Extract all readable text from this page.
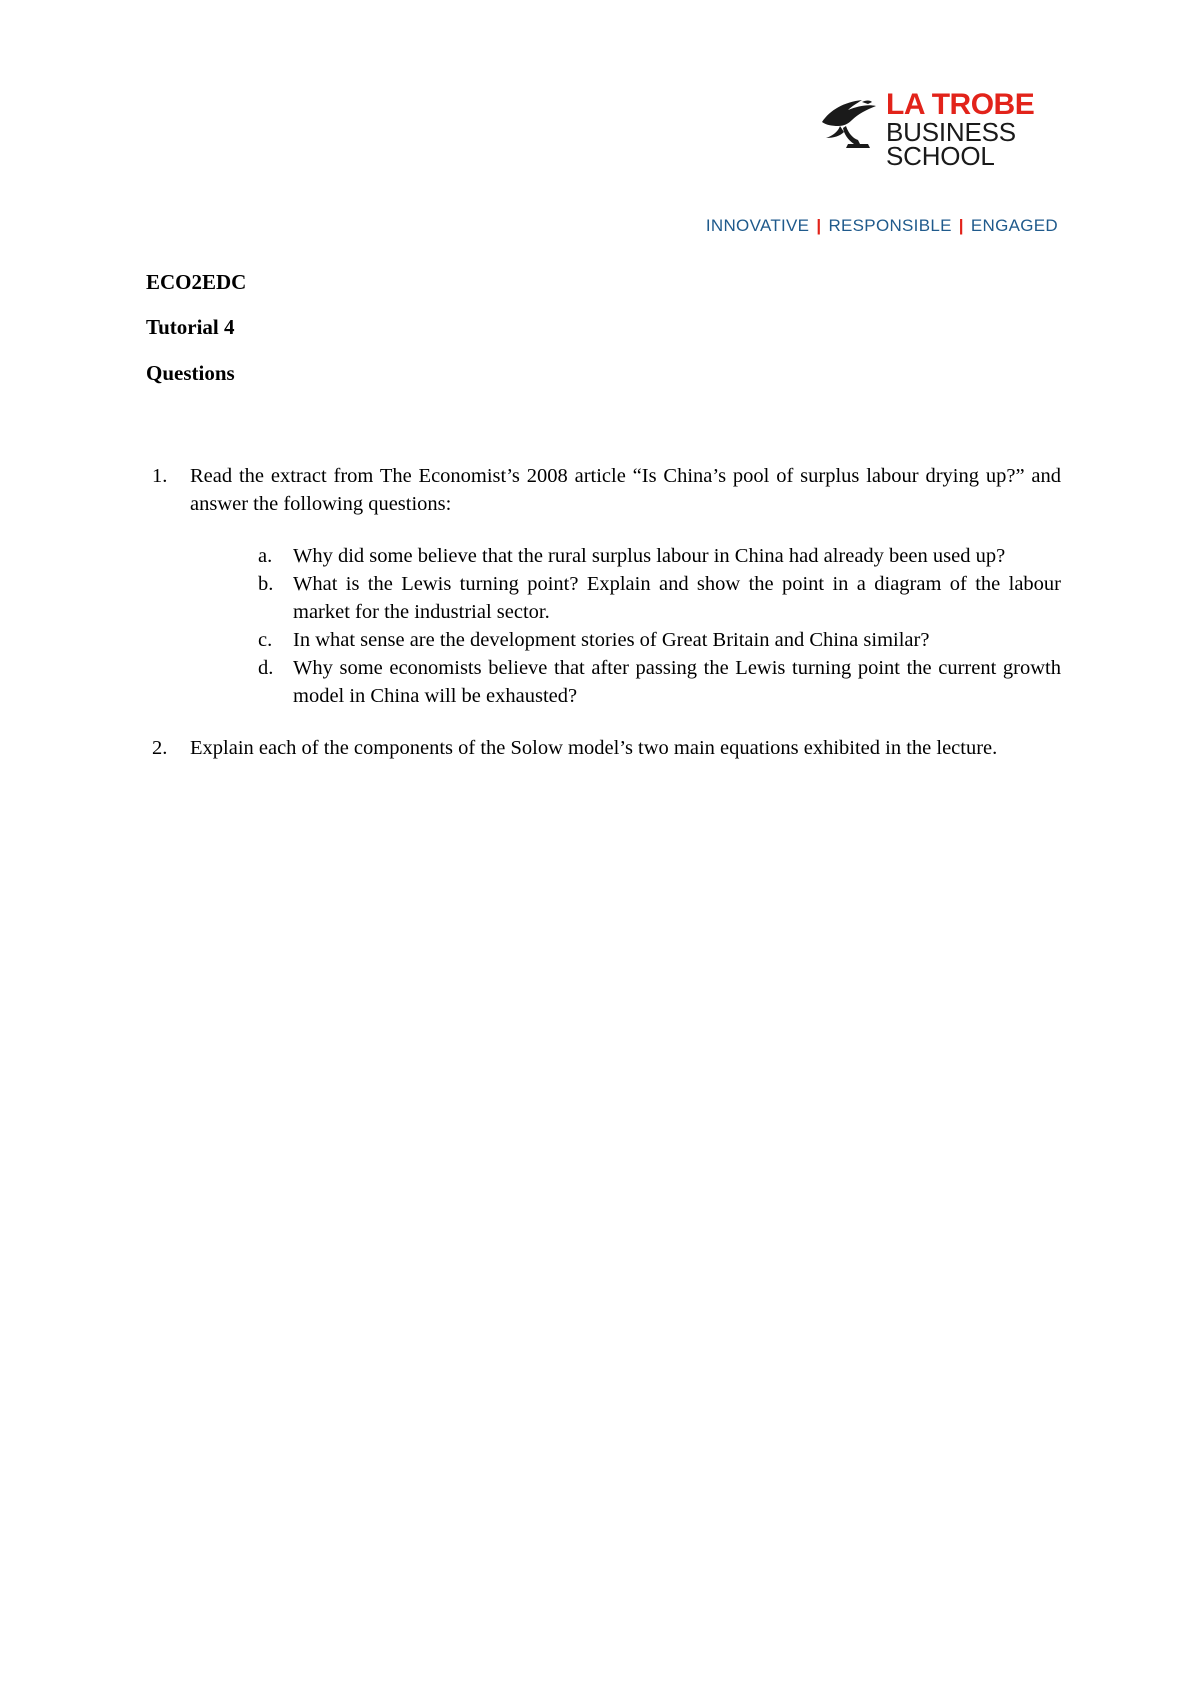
LA TROBE
BUSINESS
SCHOOL
INNOVATIVE | RESPONSIBLE | ENGAGED
ECO2EDC
Tutorial 4
Questions
1. Read the extract from The Economist’s 2008 article “Is China’s pool of surplus labour drying up?” and answer the following questions:
a. Why did some believe that the rural surplus labour in China had already been used up?
b. What is the Lewis turning point? Explain and show the point in a diagram of the labour market for the industrial sector.
c. In what sense are the development stories of Great Britain and China similar?
d. Why some economists believe that after passing the Lewis turning point the current growth model in China will be exhausted?
2. Explain each of the components of the Solow model’s two main equations exhibited in the lecture.
